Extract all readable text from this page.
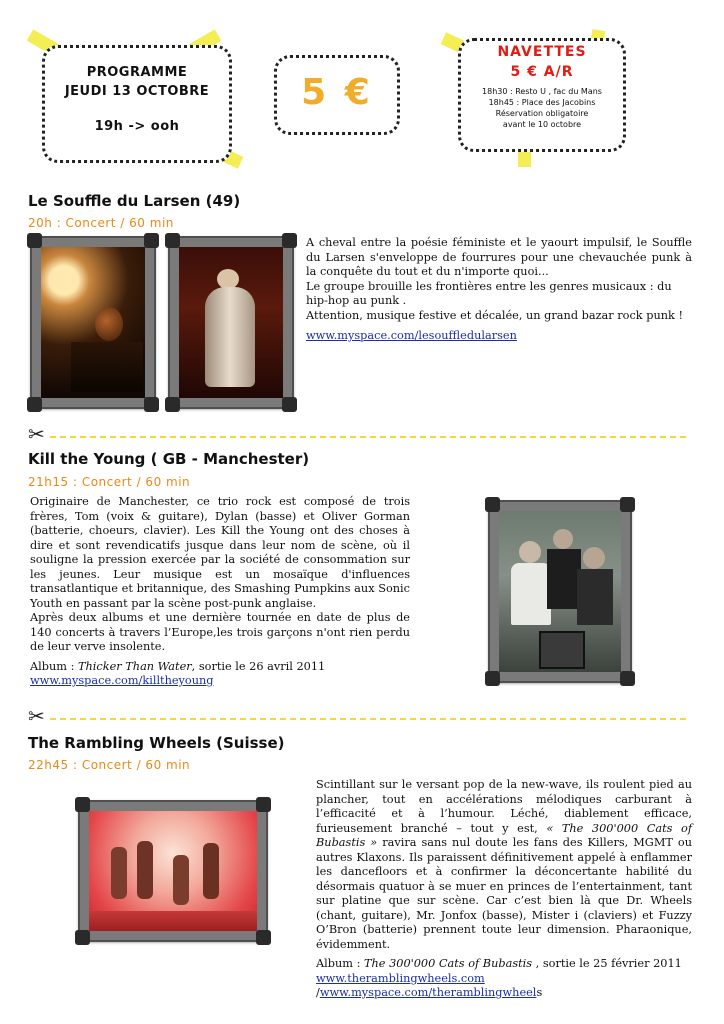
PROGRAMME
JEUDI 13 OCTOBRE
19h -> ooh
5 €
NAVETTES
5 € A/R
18h30 : Resto U , fac du Mans
18h45 : Place des Jacobins
Réservation obligatoire
avant le 10 octobre
Le Souffle du Larsen (49)
20h : Concert / 60 min

A cheval entre la poésie féministe et le yaourt impulsif, le Souffle du Larsen s'enveloppe de fourrures pour une chevauchée punk à la conquête du tout et du n'importe quoi...

Le groupe brouille les frontières entre les genres musicaux : du hip-hop au punk .

Attention, musique festive et décalée, un grand bazar rock punk !

www.myspace.com/lesouffledularsen

✂
Kill the Young ( GB - Manchester)
21h15 : Concert / 60 min

Originaire de Manchester, ce trio rock est composé de trois frères, Tom (voix & guitare), Dylan (basse) et Oliver Gorman (batterie, choeurs, clavier). Les Kill the Young ont des choses à dire et sont revendicatifs jusque dans leur nom de scène, où il souligne la pression exercée par la société de consommation sur les jeunes. Leur musique est un mosaïque d'influences transatlantique et britannique, des Smashing Pumpkins aux Sonic Youth en passant par la scène post-punk anglaise.

Après deux albums et une dernière tournée en date de plus de 140 concerts à travers l’Europe,les trois garçons n'ont rien perdu de leur verve insolente.

Album : Thicker Than Water, sortie le 26 avril 2011

www.myspace.com/killtheyoung

✂
The Rambling Wheels (Suisse)
22h45 : Concert / 60 min

Scintillant sur le versant pop de la new-wave, ils roulent pied au plancher, tout en accélérations mélodiques carburant à l’efficacité et à l’humour. Léché, diablement efficace, furieusement branché – tout y est, « The 300'000 Cats of Bubastis » ravira sans nul doute les fans des Killers, MGMT ou autres Klaxons. Ils paraissent définitivement appelé à enflammer les dancefloors et à confirmer la déconcertante habilité du désormais quatuor à se muer en princes de l’entertainment, tant sur platine que sur scène. Car c’est bien là que Dr. Wheels (chant, guitare), Mr. Jonfox (basse), Mister i (claviers) et Fuzzy O’Bron (batterie) prennent toute leur dimension. Pharaonique, évidemment.

Album : The 300'000 Cats of Bubastis , sortie le 25 février 2011

www.theramblingwheels.com /www.myspace.com/theramblingwheels
